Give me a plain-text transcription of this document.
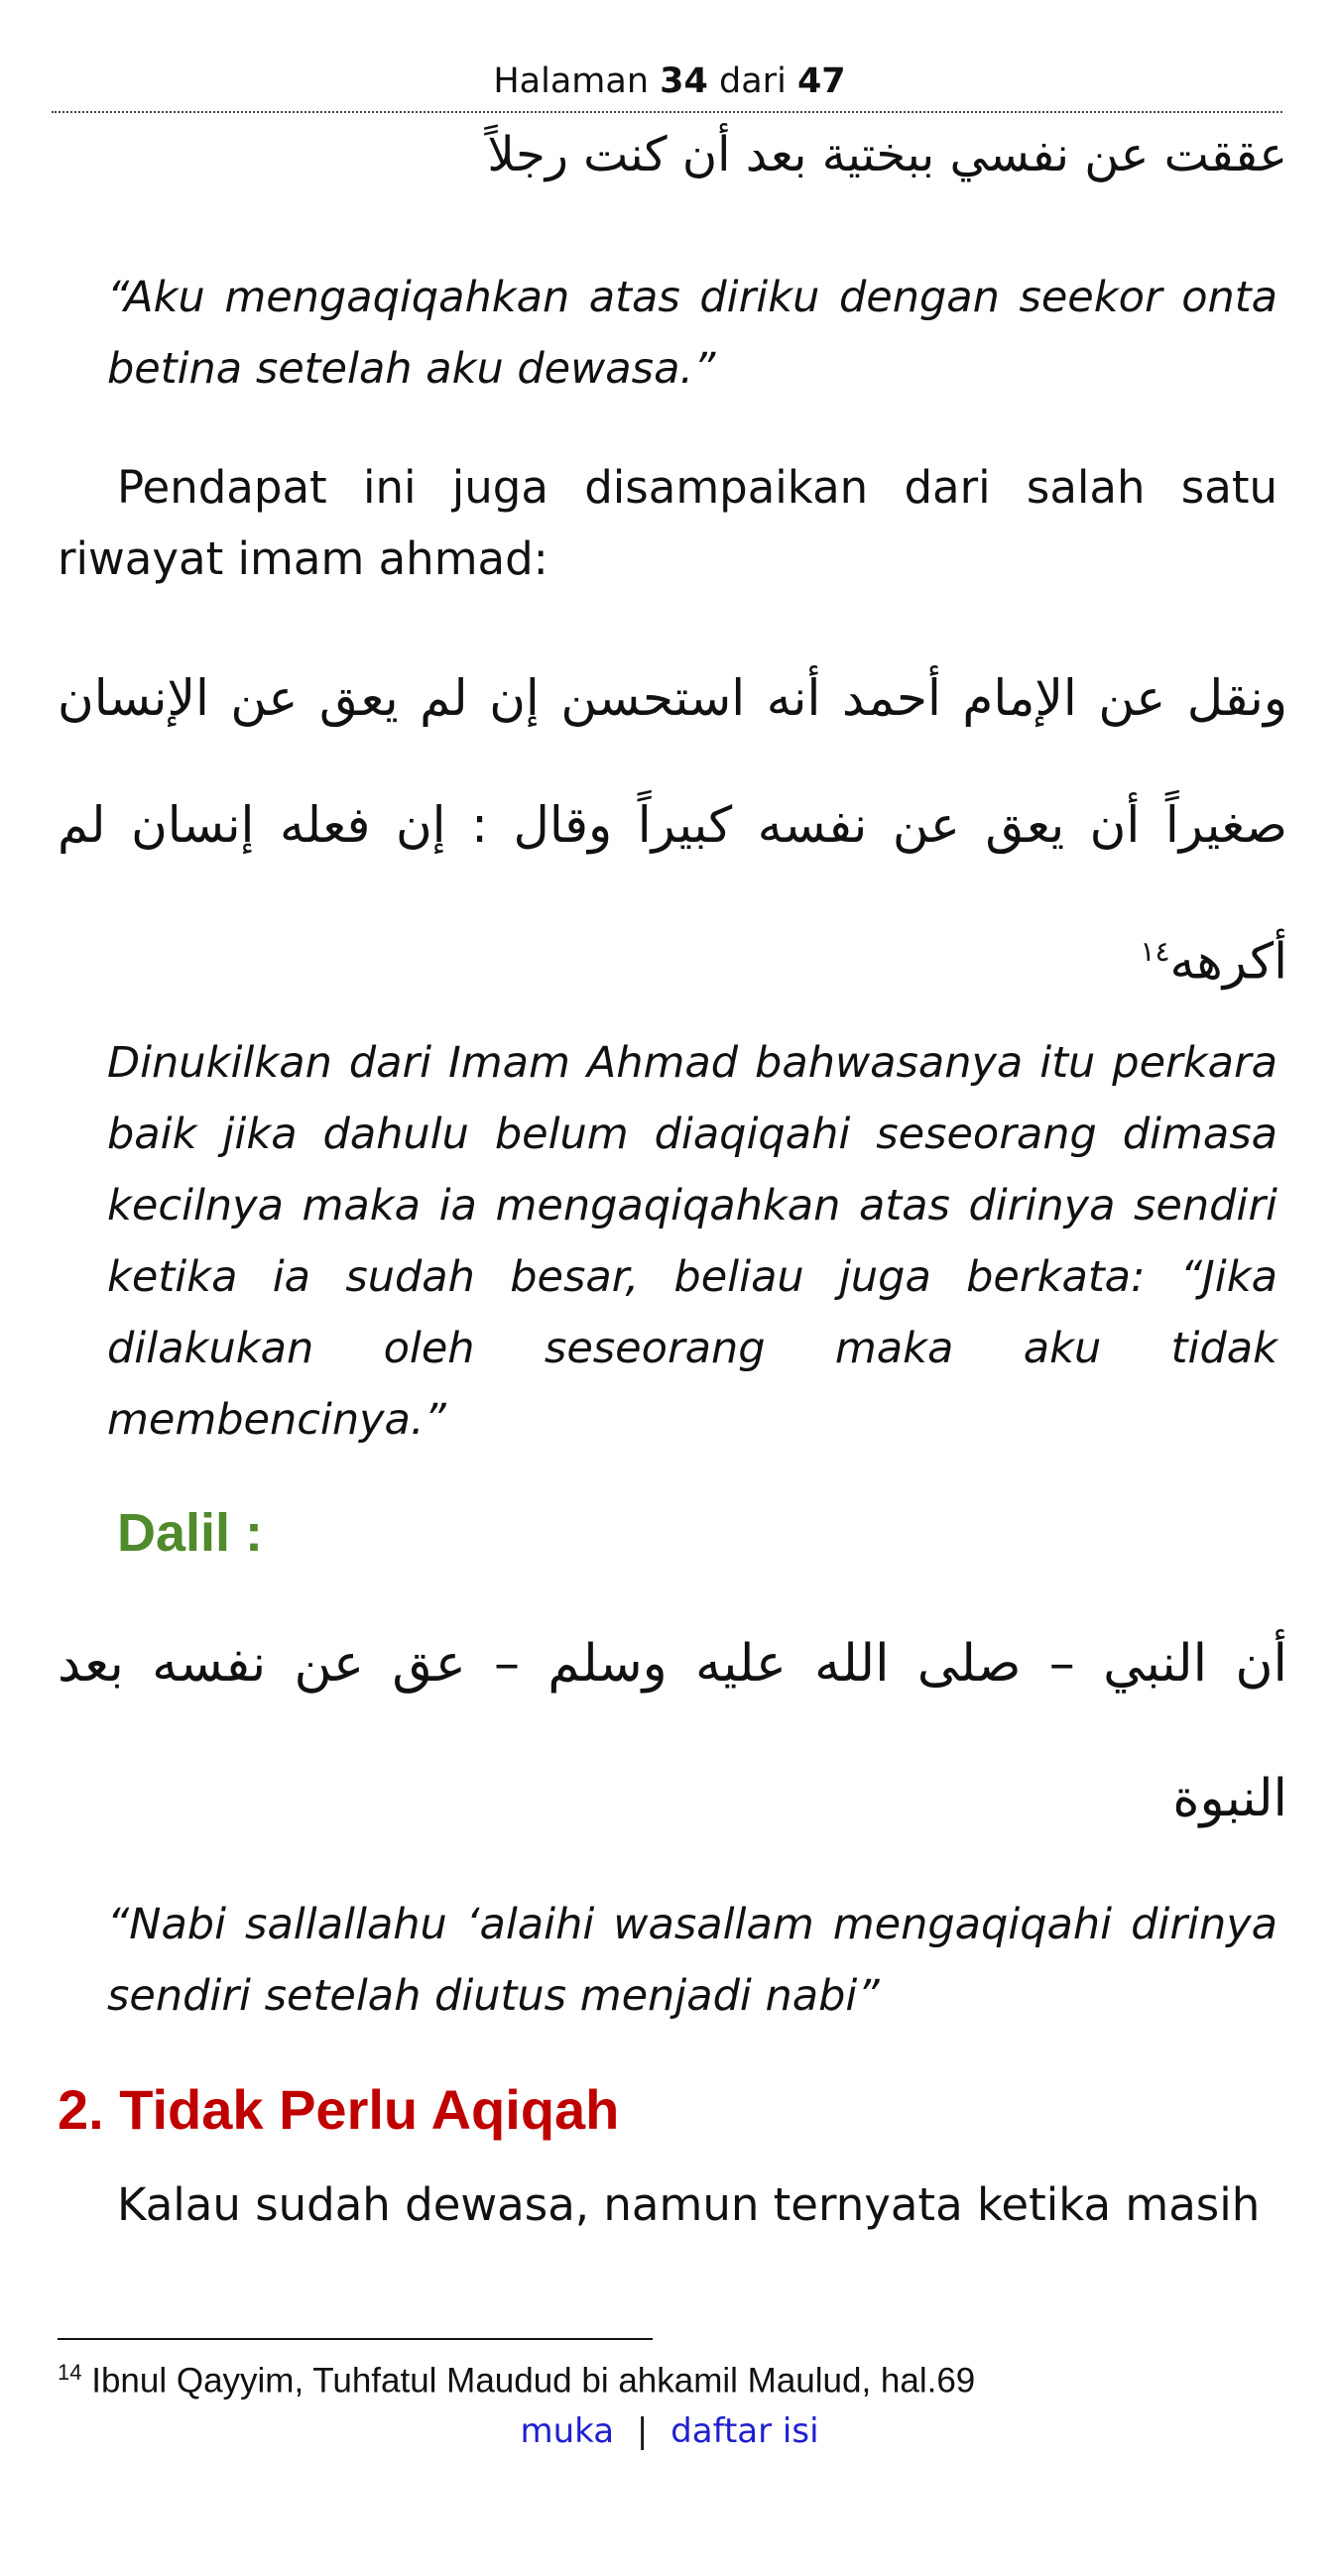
Halaman 34 dari 47
عققت عن نفسي ببختية بعد أن كنت رجلاً
“Aku mengaqiqahkan atas diriku dengan seekor onta betina setelah aku dewasa.”
Pendapat ini juga disampaikan dari salah satu riwayat imam ahmad:
ونقل عن الإمام أحمد أنه استحسن إن لم يعق عن الإنسان صغيراً أن يعق عن نفسه كبيراً وقال : إن فعله إنسان لم أكرهه$^{١٤}$
Dinukilkan dari Imam Ahmad bahwasanya itu perkara baik jika dahulu belum diaqiqahi seseorang dimasa kecilnya maka ia mengaqiqahkan atas dirinya sendiri ketika ia sudah besar, beliau juga berkata: “Jika dilakukan oleh seseorang maka aku tidak membencinya.”
Dalil :
أن النبي – صلى الله عليه وسلم – عق عن نفسه بعد النبوة
“Nabi sallallahu ‘alaihi wasallam mengaqiqahi dirinya sendiri setelah diutus menjadi nabi”
2. Tidak Perlu Aqiqah
Kalau sudah dewasa, namun ternyata ketika masih
$^{14}$ Ibnul Qayyim, Tuhfatul Maudud bi ahkamil Maulud, hal.69
muka | daftar isi
